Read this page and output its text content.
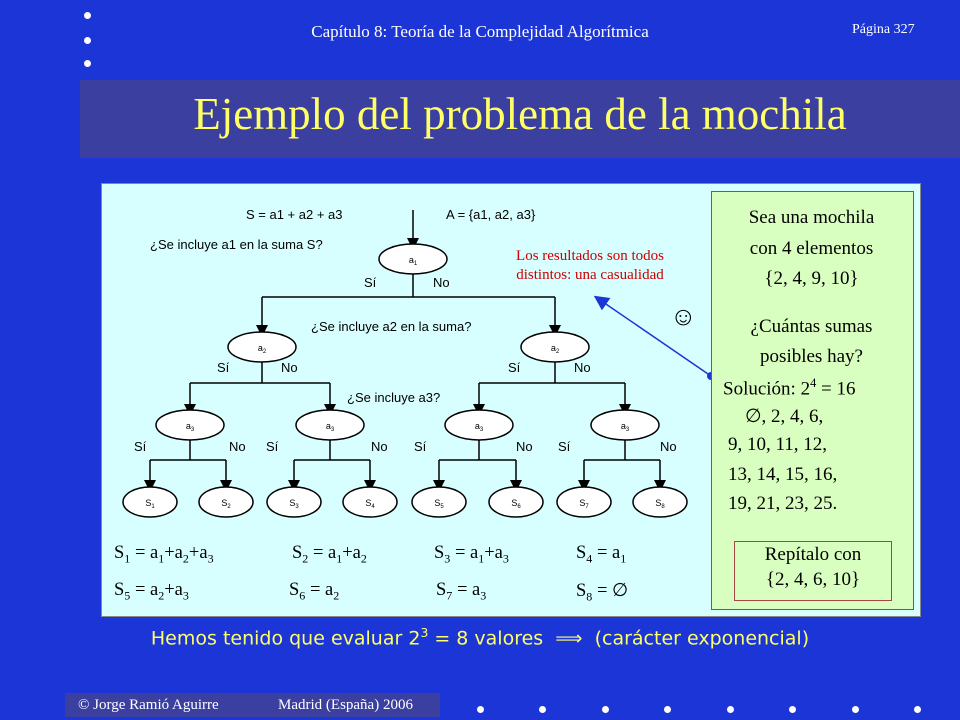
Capítulo 8: Teoría de la Complejidad Algorítmica	Página 327
Ejemplo del problema de la mochila
$a_1$
$a_2$	$a_2$
$a_3$	$a_3$	$a_3$	$a_3$
$S_1$	$S_2$	$S_3$	$S_4$	$S_5$	$S_6$	$S_7$	$S_8$
Sí	No
Sí	No	Sí	No
Sí	No Sí	No Sí	No Sí	No
S = a1 + a2 + a3	A = {a1, a2, a3}
¿Se incluye a1 en la suma S?
¿Se incluye a2 en la suma?
¿Se incluye a3?
Los resultados son todos
distintos: una casualidad
☺
$S_1 = a_1+a_2+a_3$	$S_2 = a_1+a_2$	$S_3 = a_1+a_3$	$S_4 = a_1$
$S_5 = a_2+a_3$	$S_6 = a_2$	$S_7 = a_3$	$S_8$ = ∅
Sea una mochila
con 4 elementos
{2, 4, 9, 10}
¿Cuántas sumas
posibles hay?
Solución: $2^4 = 16$
∅, 2, 4, 6,
9, 10, 11, 12,
13, 14, 15, 16,
19, 21, 23, 25.
Repítalo con
{2, 4, 6, 10}
Hemos tenido que evaluar $2^3 = 8$ valores  ⟹  (carácter exponencial)
© Jorge Ramió Aguirre	Madrid (España) 2006
